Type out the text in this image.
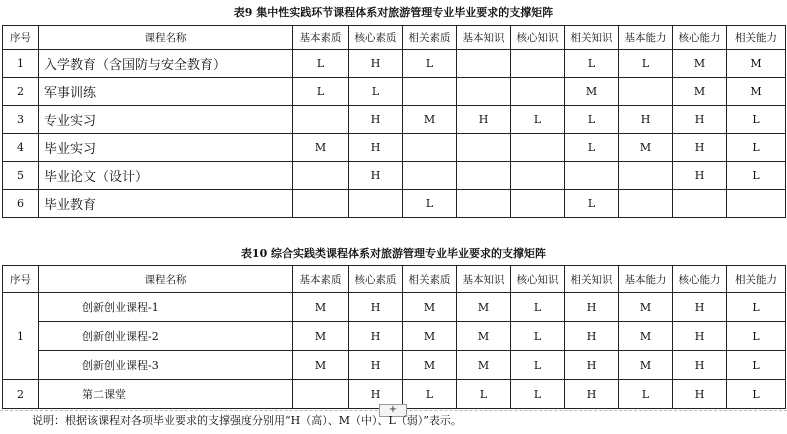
表9 集中性实践环节课程体系对旅游管理专业毕业要求的支撑矩阵
序号	课程名称	基本素质	核心素质	相关素质	基本知识	核心知识	相关知识	基本能力	核心能力	相关能力
1	入学教育（含国防与安全教育）	L	H	L			L	L	M	M
2	军事训练	L	L				M		M	M
3	专业实习		H	M	H	L	L	H	H	L
4	毕业实习	M	H				L	M	H	L
5	毕业论文（设计）		H						H	L
6	毕业教育			L			L			
表10 综合实践类课程体系对旅游管理专业毕业要求的支撑矩阵
序号	课程名称	基本素质	核心素质	相关素质	基本知识	核心知识	相关知识	基本能力	核心能力	相关能力
1	创新创业课程-1	M	H	M	M	L	H	M	H	L
	创新创业课程-2	M	H	M	M	L	H	M	H	L
	创新创业课程-3	M	H	M	M	L	H	M	H	L
2	第二课堂		H	L	L	L	H	L	H	L
+
说明：根据该课程对各项毕业要求的支撑强度分别用“H（高）、M（中）、L（弱）”表示。
